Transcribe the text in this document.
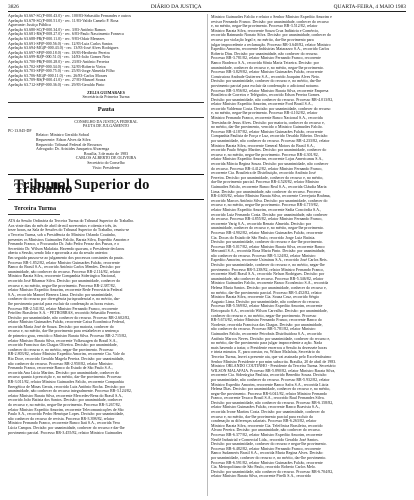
3826	DIÁRIO DA JUSTIÇA	QUARTA-FEIRA, 4 MAIO 1983
Apelação 63.667-SC(P-000.43.0) - rec. 100/83-Sebastião Fernandes e outros
Apelação 63.678-SC(P-000.51.0) - rec. 11/83-Valdir Camelo F. Rosa
Agravante: Justiça Pública
Apelação 63.680-SC(P-000.34.0) - rec. 3/83-Antônio Ramos
Apelação 63.681-RS(P-008.27.0) - rec. 6/83-Paulo Nascimento Fonseca
Apelação 63.688-PR(P-000.11.0) - rec. 9/83-Odair Menezes
Apelação 63.691-SP(P-000.56.0) - rec. 12/83-Luiz Carlos Santos
Apelação 63.694-MG(P-000.43.0) - rec. 13/83-José Alves Rodrigues
Apelação 63.697-SP(P-000.18.0) - rec. 18/83-Heriberto Pereira
Apelação 63.699-RJ(P-000.51.0) - rec. 14/83-João Gomes Neto
Apelação 63.700-PR(P-000.28.0) - rec. 23/83-Antônio Ferreira
Apelação 63.702-SP(P-000.34.0) - rec. 32/83-Roberto Vieira
Apelação 63.703-SP(P-000.75.0) - rec. 25/83-Jorge Almeida Filho
Apelação 63.706-MG(P-000.11.0) - rec. 26/83-Carlos Moraes
Apelação 63.709-RS(P-000.41.0) - rec. 27/83-Manoel Souza
Apelação 63.712-SP(P-000.36.0) - rec. 29/83-Geraldo Pinto
ZÉLIA GUIMARÃES
Secretária da Primeira Turma
Pauta
CONSELHO DA JUSTIÇA FEDERAL
PAUTA DE JULGAMENTO
PC-13.845-DF
Relator: Ministro Geraldo Sobral
Requerente: Edson Alves da Silva
Requerido: Tribunal Federal de Recursos
Advogado: Dr. Aristides Junqueira Alvarenga
Brasília, 3 de maio de 1983
CARLOS ALBERTO DE OLIVEIRA
Secretário do Conselho
Visto: Presidente
Tribunal Superior do Trabalho
Terceira Turma
ATA da Sessão Ordinária da Terceira Turma do Tribunal Superior do Trabalho.
Aos vinte dias do mês de abril de mil novecentos e oitenta e três, às
treze horas, na Sala de Sessões do Tribunal Superior do Trabalho, reuniu-se
a Terceira Turma, sob a Presidência do Ministro Orlando Coutinho,
presentes os Ministros Guimarães Falcão, Barata Silva, Expedito Amorim e
Fernando Franco, o Procurador Dr. João Pedro Ferraz dos Passos, e o
Secretário Dr. Wilson Malafaia. Havendo quorum, o Presidente declarou
aberta a Sessão, sendo lida e aprovada a ata da sessão anterior.
Em seguida passou-se ao julgamento dos processos constantes da pauta.
Processo RR-1.852/82, relator Ministro Guimarães Falcão, recorrente
Banco do Brasil S.A., recorrido Antônio Carlos Mendes. Decisão: por
unanimidade, não conhecer do recurso. Processo RR-2.114/82, relator
Ministro Barata Silva, recorrente Companhia Siderúrgica Nacional,
recorrido José Ribamar Silva. Decisão: por unanimidade, conhecer do
recurso e, no mérito, negar-lhe provimento. Processo RR-2.387/82,
relator Ministro Expedito Amorim, recorrente Rede Ferroviária Federal
S.A., recorrido Manoel Bezerra Lima. Decisão: por unanimidade,
conhecer do recurso por divergência jurisprudencial e, no mérito, dar-
lhe provimento parcial para excluir da condenação as horas extras.
Processo RR-2.541/82, relator Ministro Fernando Franco, recorrente
Petróleo Brasileiro S.A. - PETROBRÁS, recorrido Sebastião Ferreira.
Decisão: por unanimidade, não conhecer do recurso. Processo RR-2.602/82,
relator Ministro Guimarães Falcão, recorrente Caixa Econômica Federal,
recorrida Maria José de Souza. Decisão: por maioria, conhecer do
recurso e, no mérito, dar-lhe provimento para restabelecer a sentença
de primeiro grau, vencido o Ministro Barata Silva. Processo RR-2.715/82,
relator Ministro Barata Silva, recorrente Volkswagen do Brasil S.A.,
recorrido Francisco das Chagas Oliveira. Decisão: por unanimidade,
conhecer do recurso e, no mérito, negar-lhe provimento. Processo
RR-2.803/82, relator Ministro Expedito Amorim, recorrente Cia. Vale do
Rio Doce, recorrido Geraldo Magela Pereira. Decisão: por unanimidade,
não conhecer do recurso. Processo RR-2.950/82, relator Ministro
Fernando Franco, recorrente Banco do Estado de São Paulo S.A.,
recorrida Ana Lúcia Martins. Decisão: por unanimidade, conhecer do
recurso quanto à prescrição e, no mérito, dar-lhe provimento. Processo
RR-3.011/82, relator Ministro Guimarães Falcão, recorrente Companhia
Energética de Minas Gerais, recorrido Luiz Antônio Rocha. Decisão: por
unanimidade, não conhecer do recurso integralmente. Processo RR-3.124/82,
relator Ministro Barata Silva, recorrente Mercedes-Benz do Brasil S.A.,
recorrido João Batista dos Santos. Decisão: por unanimidade, conhecer
do recurso e, no mérito, negar-lhe provimento. Processo RR-3.267/82,
relator Ministro Expedito Amorim, recorrente Telecomunicações de São
Paulo S.A., recorrido Pedro Henrique Lopes. Decisão: por unanimidade,
não conhecer do recurso de revista. Processo RR-3.398/82, relator
Ministro Fernando Franco, recorrente Banco Itaú S.A., recorrida Vera
Lúcia Campos. Decisão: por unanimidade, conhecer do recurso e dar-lhe
provimento parcial. Processo RR-3.455/82, relator Ministro Guimarães
Ministro Guimarães Falcão e relator o Senhor Ministro Expedito Amorim e
revisor Fernando Franco. Decisão: por unanimidade, conhecer do recurso
e, no mérito, negar-lhe provimento. Processo RR-3.512/82, relator
Ministro Barata Silva, recorrente Souza Cruz Indústria e Comércio,
recorrido Raimundo Nonato Silva. Decisão: por unanimidade, conhecer do
recurso por violação legal e, no mérito, dar-lhe provimento para
julgar improcedente a reclamação. Processo RR-3.640/82, relator Ministro
Expedito Amorim, recorrente Indústrias Matarazzo S.A., recorrido Carlos
Roberto Dias. Decisão: por unanimidade, não conhecer do recurso.
Processo RR-3.781/82, relator Ministro Fernando Franco, recorrente
Banco Bradesco S.A., recorrida Sônia Maria Teixeira. Decisão: por
unanimidade, conhecer do recurso e, no mérito, negar-lhe provimento.
Processo RR-3.829/82, relator Ministro Guimarães Falcão, recorrente
Construtora Andrade Gutierrez S.A., recorrido Joaquim Alves Neto.
Decisão: por unanimidade, conhecer do recurso e, no mérito, dar-lhe
provimento parcial para excluir da condenação o adicional noturno.
Processo RR-3.956/82, relator Ministro Barata Silva, recorrente Empresa
Brasileira de Correios e Telégrafos, recorrido Edson Pereira Gomes.
Decisão: por unanimidade, não conhecer do recurso. Processo RR-4.013/82,
relator Ministro Expedito Amorim, recorrente Ford Brasil S.A.,
recorrido Valdemar Costa. Decisão: por unanimidade, conhecer do recurso
e, no mérito, negar-lhe provimento. Processo RR-4.102/82, relator
Ministro Fernando Franco, recorrente Banco Nacional S.A., recorrida
Teresinha de Jesus Alves. Decisão: por maioria, conhecer do recurso e,
no mérito, dar-lhe provimento, vencido o Ministro Guimarães Falcão.
Processo RR-4.187/82, relator Ministro Guimarães Falcão, recorrente
Companhia Paulista de Força e Luz, recorrido Osvaldo Ribeiro. Decisão:
por unanimidade, não conhecer do recurso. Processo RR-4.233/82, relator
Ministro Barata Silva, recorrente General Motors do Brasil S.A.,
recorrido Paulo Sérgio Martins. Decisão: por unanimidade, conhecer do
recurso e, no mérito, negar-lhe provimento. Processo RR-4.301/82,
relator Ministro Expedito Amorim, recorrente Lojas Americanas S.A.,
recorrida Márcia Regina Souza. Decisão: por unanimidade, não conhecer
do recurso. Processo RR-4.412/82, relator Ministro Fernando Franco,
recorrente Cia. Brasileira de Distribuição, recorrido Antônio José
Ferreira. Decisão: por unanimidade, conhecer do recurso e, no mérito,
dar-lhe provimento parcial. Processo RR-4.528/82, relator Ministro
Guimarães Falcão, recorrente Banco Real S.A., recorrida Cláudia Maria
Lima. Decisão: por unanimidade, não conhecer do recurso. Processo
RR-4.603/82, relator Ministro Barata Silva, recorrente Cervejaria Brahma,
recorrido Marcos Antônio Silva. Decisão: por unanimidade, conhecer do
recurso e, no mérito, negar-lhe provimento. Processo RR-4.719/82,
relator Ministro Expedito Amorim, recorrente Sadia Concórdia S.A.,
recorrido Luiz Fernando Costa. Decisão: por unanimidade, não conhecer
do recurso. Processo RR-4.855/82, relator Ministro Fernando Franco,
recorrente Varig S.A., recorrido Renato Almeida. Decisão: por
unanimidade, conhecer do recurso e, no mérito, negar-lhe provimento.
Processo RR-4.902/82, relator Ministro Guimarães Falcão, recorrente
Cia. Docas do Estado de São Paulo, recorrido Jorge Luiz Batista.
Decisão: por unanimidade, conhecer do recurso e dar-lhe provimento.
Processo RR-5.017/82, relator Ministro Barata Silva, recorrente Banco
Mercantil S.A., recorrida Rosa Maria Pinto. Decisão: por unanimidade,
não conhecer do recurso. Processo RR-5.124/82, relator Ministro
Expedito Amorim, recorrente Usiminas S.A., recorrido José Carlos Reis.
Decisão: por unanimidade, conhecer do recurso e, no mérito, negar-lhe
provimento. Processo RR-5.238/82, relator Ministro Fernando Franco,
recorrente Shell Brasil S.A., recorrido Nelson Rodrigues. Decisão: por
unanimidade, não conhecer do recurso. Processo RR-5.346/82, relator
Ministro Guimarães Falcão, recorrente Banco Econômico S.A., recorrida
Helena Maria Santos. Decisão: por unanimidade, conhecer do recurso e,
no mérito, dar-lhe provimento parcial. Processo RR-5.452/82, relator
Ministro Barata Silva, recorrente Cia. Souza Cruz, recorrido Sérgio
Augusto Lima. Decisão: por unanimidade, não conhecer do recurso.
Processo RR-5.569/82, relator Ministro Expedito Amorim, recorrente
Eletropaulo S.A., recorrido Wilson Carvalho. Decisão: por unanimidade,
conhecer do recurso e, no mérito, negar-lhe provimento. Processo
RR-5.674/82, relator Ministro Fernando Franco, recorrente Banco do
Nordeste, recorrida Francisca das Chagas. Decisão: por unanimidade,
não conhecer do recurso. Processo RR-5.781/82, relator Ministro
Guimarães Falcão, recorrente Petrobrás Distribuidora S.A., recorrido
Antônio Marcos Neves. Decisão: por unanimidade, conhecer do recurso e,
no mérito, dar-lhe provimento para julgar improcedente a ação. Nada
mais havendo a tratar, o Presidente encerrou a Sessão às dezessete horas
e trinta minutos. E, para constar, eu, Wilson Malafaia, Secretário da
Terceira Turma, lavrei a presente ata, que vai assinada pelo Excelentíssimo
Senhor Ministro Presidente e por mim subscrita. Brasília, 20 de abril de 1983.
Ministro ORLANDO COUTINHO - Presidente da Terceira Turma. Secretário
WILSON MALAFAIA. Processo RR-5.890/82, relator Ministro Barata Silva,
recorrente Cia. Siderúrgica Paulista, recorrido Benedito Souza. Decisão:
por unanimidade, não conhecer do recurso. Processo RR-5.932/82, relator
Ministro Expedito Amorim, recorrente Banco Safra S.A., recorrida Lúcia
Helena Dias. Decisão: por unanimidade, conhecer do recurso e, no mérito,
negar-lhe provimento. Processo RR-6.041/82, relator Ministro Fernando
Franco, recorrente Texaco Brasil S.A., recorrido Raul Fernandes Silva.
Decisão: por unanimidade, não conhecer do recurso. Processo RR-6.158/82,
relator Ministro Guimarães Falcão, recorrente Banco Boavista S.A.,
recorrida Ivone Martins Costa. Decisão: por unanimidade, conhecer do
recurso e, no mérito, dar-lhe provimento parcial para excluir da
condenação as diferenças salariais. Processo RR-6.263/82, relator
Ministro Barata Silva, recorrente Cia. Telefônica Brasileira, recorrido
Álvaro Pereira. Decisão: por unanimidade, não conhecer do recurso.
Processo RR-6.377/82, relator Ministro Expedito Amorim, recorrente
Nestlé Industrial e Comercial Ltda., recorrido Geraldo José Santos.
Decisão: por unanimidade, conhecer do recurso e negar-lhe provimento.
Processo RR-6.482/82, relator Ministro Fernando Franco, recorrente
Banco Sudameris Brasil S.A., recorrida Marta Regina Alves. Decisão:
por unanimidade, conhecer do recurso e, no mérito, dar-lhe provimento.
Processo RR-6.591/82, relator Ministro Guimarães Falcão, recorrente
Cia. Metropolitano de São Paulo, recorrido Roberto Carlos Melo.
Decisão: por unanimidade, não conhecer do recurso. Processo RR-6.704/82,
relator Ministro Barata Silva, recorrente Pirelli S.A., recorrido
